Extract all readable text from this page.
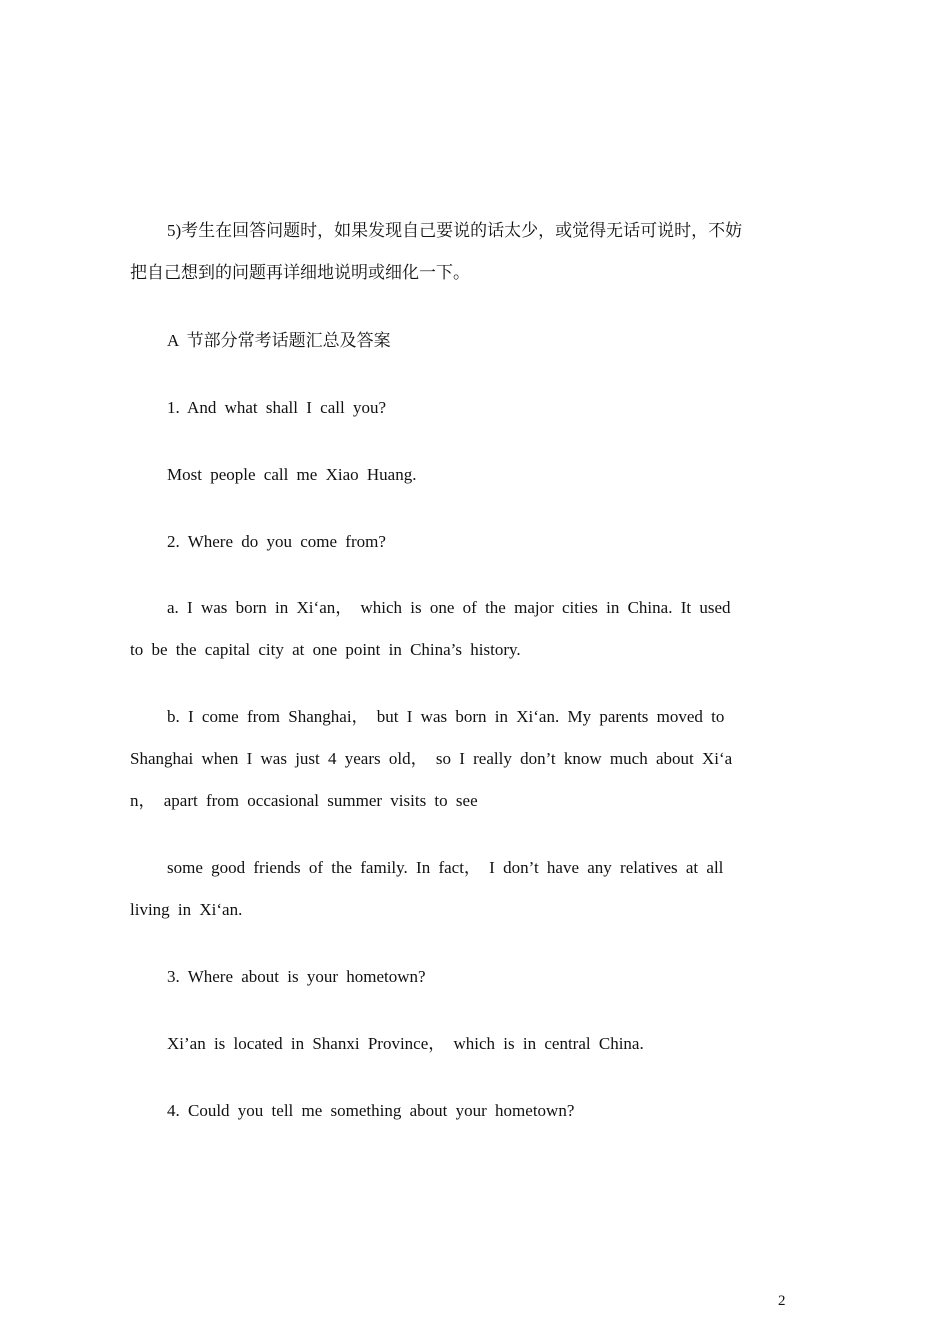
5)考生在回答问题时，如果发现自己要说的话太少，或觉得无话可说时，不妨
把自己想到的问题再详细地说明或细化一下。
A 节部分常考话题汇总及答案
1. And what shall I call you?
Most people call me Xiao Huang.
2. Where do you come from?
a. I was born in Xi‘an， which is one of the major cities in China. It used
to be the capital city at one point in China’s history.
b. I come from Shanghai， but I was born in Xi‘an. My parents moved to
Shanghai when I was just 4 years old， so I really don’t know much about Xi‘a
n， apart from occasional summer visits to see
some good friends of the family. In fact， I don’t have any relatives at all
living in Xi‘an.
3. Where about is your hometown?
Xi’an is located in Shanxi Province， which is in central China.
4. Could you tell me something about your hometown?
2
